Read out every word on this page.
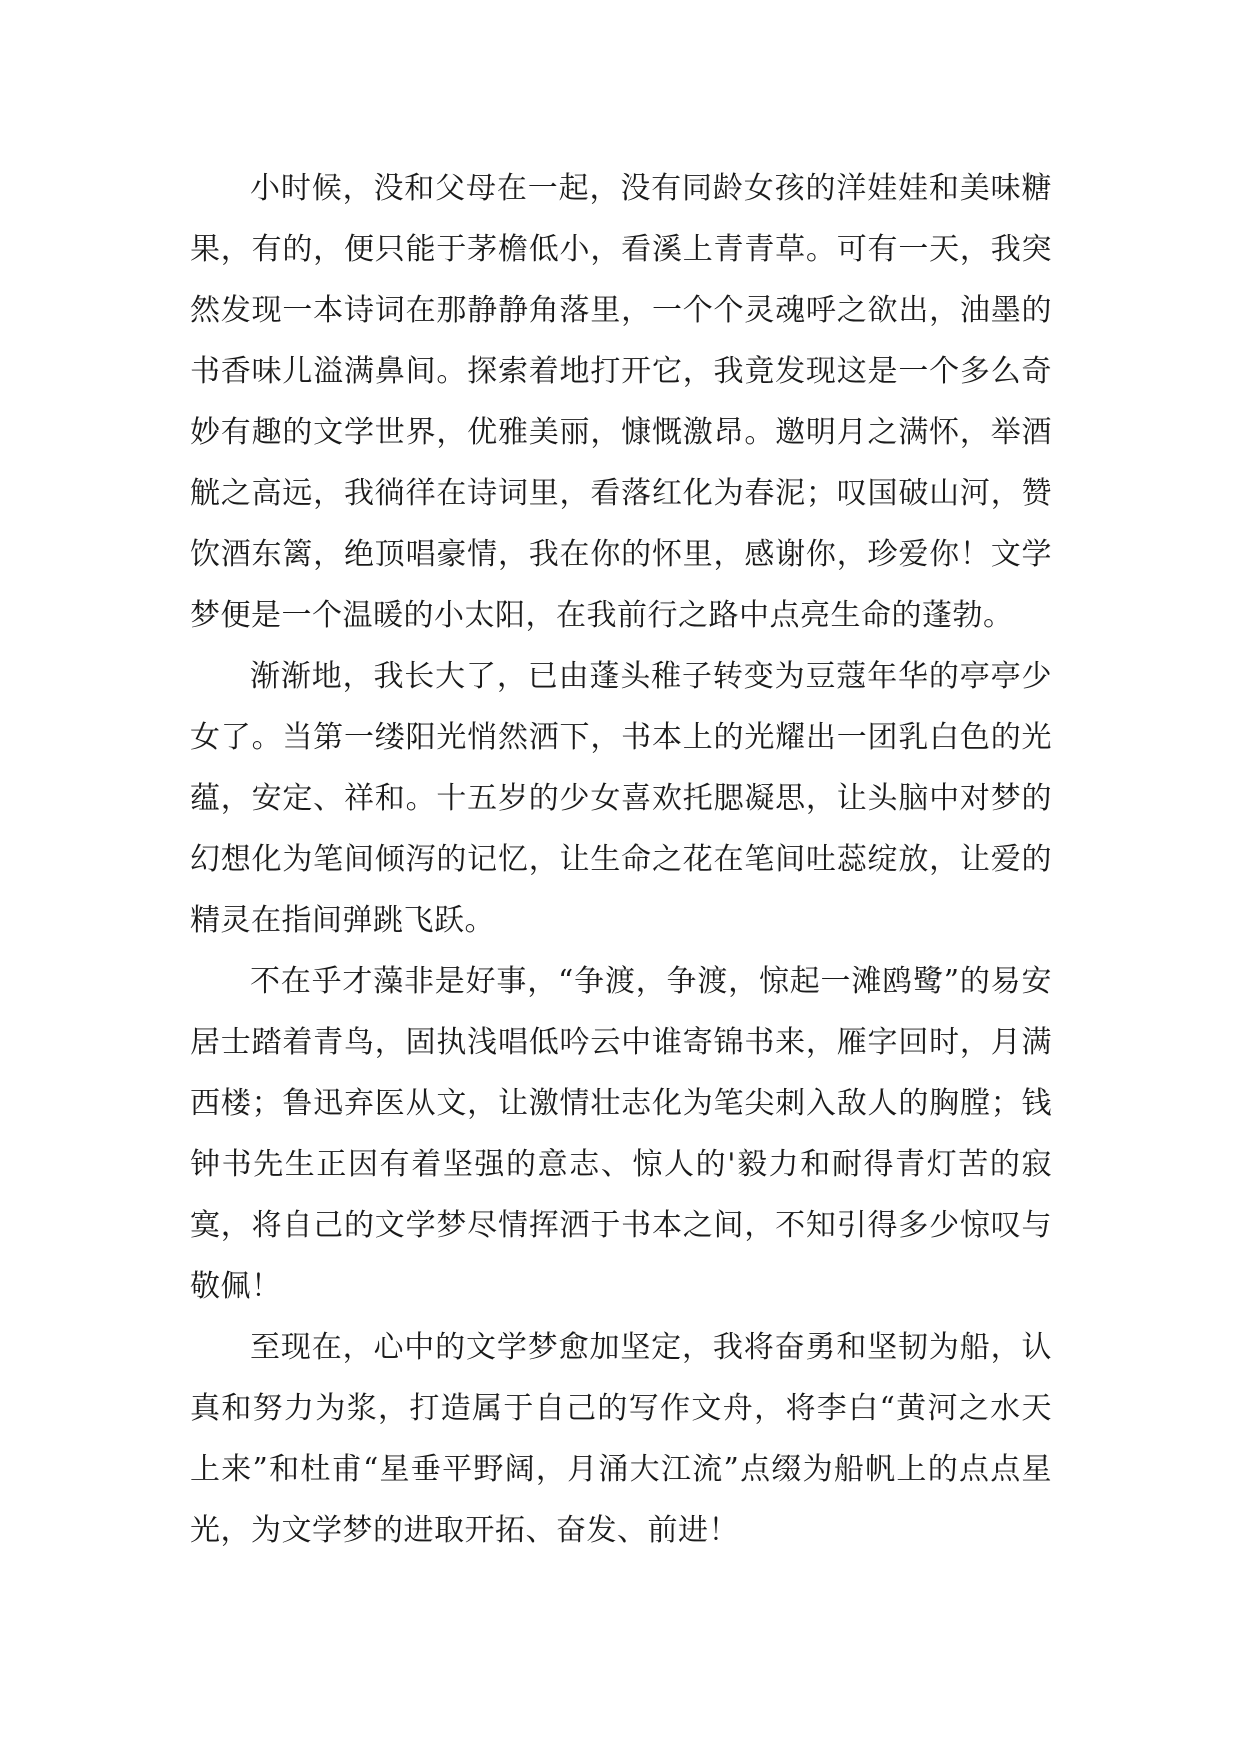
小时候，没和父母在一起，没有同龄女孩的洋娃娃和美味糖果，有的，便只能于茅檐低小，看溪上青青草。可有一天，我突然发现一本诗词在那静静角落里，一个个灵魂呼之欲出，油墨的书香味儿溢满鼻间。探索着地打开它，我竟发现这是一个多么奇妙有趣的文学世界，优雅美丽，慷慨激昂。邀明月之满怀，举酒觥之高远，我徜徉在诗词里，看落红化为春泥；叹国破山河，赞饮酒东篱，绝顶唱豪情，我在你的怀里，感谢你，珍爱你！文学梦便是一个温暖的小太阳，在我前行之路中点亮生命的蓬勃。

渐渐地，我长大了，已由蓬头稚子转变为豆蔻年华的亭亭少女了。当第一缕阳光悄然洒下，书本上的光耀出一团乳白色的光蕴，安定、祥和。十五岁的少女喜欢托腮凝思，让头脑中对梦的幻想化为笔间倾泻的记忆，让生命之花在笔间吐蕊绽放，让爱的精灵在指间弹跳飞跃。

不在乎才藻非是好事，“争渡，争渡，惊起一滩鸥鹭”的易安居士踏着青鸟，固执浅唱低吟云中谁寄锦书来，雁字回时，月满西楼；鲁迅弃医从文，让激情壮志化为笔尖刺入敌人的胸膛；钱钟书先生正因有着坚强的意志、惊人的'毅力和耐得青灯苦的寂寞，将自己的文学梦尽情挥洒于书本之间，不知引得多少惊叹与敬佩！

至现在，心中的文学梦愈加坚定，我将奋勇和坚韧为船，认真和努力为浆，打造属于自己的写作文舟，将李白“黄河之水天上来”和杜甫“星垂平野阔，月涌大江流”点缀为船帆上的点点星光，为文学梦的进取开拓、奋发、前进！
